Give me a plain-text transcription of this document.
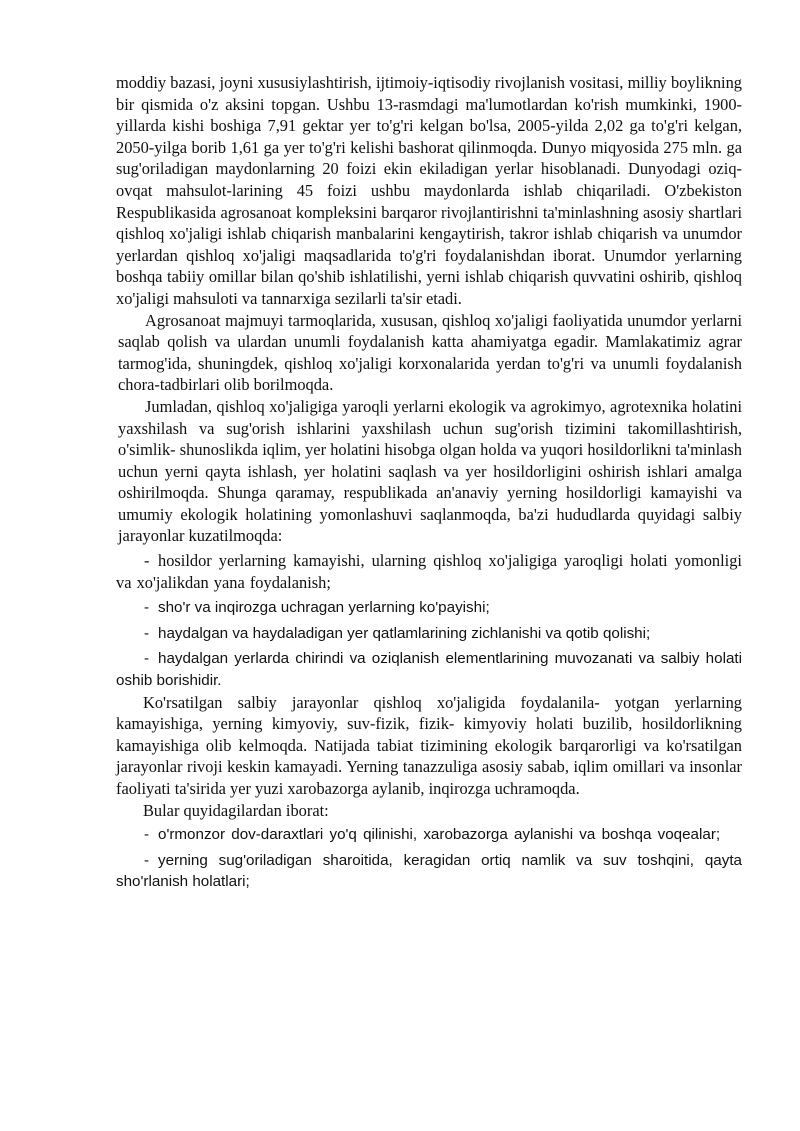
moddiy bazasi, joyni xususiylashtirish, ijtimoiy-iqtisodiy rivojlanish vositasi, milliy boylikning bir qismida o'z aksini topgan. Ushbu 13-rasmdagi ma'lumotlardan ko'rish mumkinki, 1900-yillarda kishi boshiga 7,91 gektar yer to'g'ri kelgan bo'lsa, 2005-yilda 2,02 ga to'g'ri kelgan, 2050-yilga borib 1,61 ga yer to'g'ri kelishi bashorat qilinmoqda. Dunyo miqyosida 275 mln. ga sug'oriladigan maydonlarning 20 foizi ekin ekiladigan yerlar hisoblanadi. Dunyodagi oziq-ovqat mahsulot-larining 45 foizi ushbu maydonlarda ishlab chiqariladi. O'zbekiston Respublikasida agrosanoat kompleksini barqaror rivojlantirishni ta'minlashning asosiy shartlari qishloq xo'jaligi ishlab chiqarish manbalarini kengaytirish, takror ishlab chiqarish va unumdor yerlardan qishloq xo'jaligi maqsadlarida to'g'ri foydalanishdan iborat. Unumdor yerlarning boshqa tabiiy omillar bilan qo'shib ishlatilishi, yerni ishlab chiqarish quvvatini oshirib, qishloq xo'jaligi mahsuloti va tannarxiga sezilarli ta'sir etadi.

Agrosanoat majmuyi tarmoqlarida, xususan, qishloq xo'jaligi faoliyatida unumdor yerlarni saqlab qolish va ulardan unumli foydalanish katta ahamiyatga egadir. Mamlakatimiz agrar tarmog'ida, shuningdek, qishloq xo'jaligi korxonalarida yerdan to'g'ri va unumli foydalanish chora-tadbirlari olib borilmoqda.

Jumladan, qishloq xo'jaligiga yaroqli yerlarni ekologik va agrokimyo, agrotexnika holatini yaxshilash va sug'orish ishlarini yaxshilash uchun sug'orish tizimini takomillashtirish, o'simlik- shunoslikda iqlim, yer holatini hisobga olgan holda va yuqori hosildorlikni ta'minlash uchun yerni qayta ishlash, yer holatini saqlash va yer hosildorligini oshirish ishlari amalga oshirilmoqda. Shunga qaramay, respublikada an'anaviy yerning hosildorligi kamayishi va umumiy ekologik holatining yomonlashuvi saqlanmoqda, ba'zi hududlarda quyidagi salbiy jarayonlar kuzatilmoqda:

- hosildor yerlarning kamayishi, ularning qishloq xo'jaligiga yaroqligi holati yomonligi va xo'jalikdan yana foydalanish;

- sho'r va inqirozga uchragan yerlarning ko'payishi;

- haydalgan va haydaladigan yer qatlamlarining zichlanishi va qotib qolishi;

- haydalgan yerlarda chirindi va oziqlanish elementlarining muvozanati va salbiy holati oshib borishidir.

Ko'rsatilgan salbiy jarayonlar qishloq xo'jaligida foydalanila- yotgan yerlarning kamayishiga, yerning kimyoviy, suv-fizik, fizik- kimyoviy holati buzilib, hosildorlikning kamayishiga olib kelmoqda. Natijada tabiat tizimining ekologik barqarorligi va ko'rsatilgan jarayonlar rivoji keskin kamayadi. Yerning tanazzuliga asosiy sabab, iqlim omillari va insonlar faoliyati ta'sirida yer yuzi xarobazorga aylanib, inqirozga uchramoqda.

Bular quyidagilardan iborat:

- o'rmonzor dov-daraxtlari yo'q qilinishi, xarobazorga aylanishi va boshqa voqealar;

- yerning sug'oriladigan sharoitida, keragidan ortiq namlik va suv toshqini, qayta sho'rlanish holatlari;
